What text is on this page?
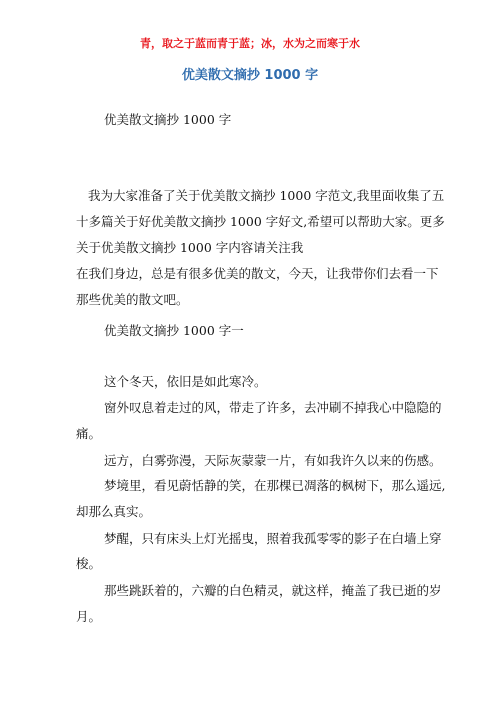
青，取之于蓝而青于蓝；冰，水为之而寒于水
优美散文摘抄 1000 字
优美散文摘抄 1000 字
我为大家准备了关于优美散文摘抄 1000 字范文,我里面收集了五
十多篇关于好优美散文摘抄 1000 字好文,希望可以帮助大家。更多
关于优美散文摘抄 1000 字内容请关注我
在我们身边，总是有很多优美的散文，今天，让我带你们去看一下
那些优美的散文吧。
优美散文摘抄 1000 字一
这个冬天，依旧是如此寒冷。
窗外叹息着走过的风，带走了许多，去冲刷不掉我心中隐隐的
痛。
远方，白雾弥漫，天际灰蒙蒙一片，有如我许久以来的伤感。
梦境里，看见蔚恬静的笑，在那棵已凋落的枫树下，那么遥远,
却那么真实。
梦醒，只有床头上灯光摇曳，照着我孤零零的影子在白墙上穿
梭。
那些跳跃着的，六瓣的白色精灵，就这样，掩盖了我已逝的岁
月。
